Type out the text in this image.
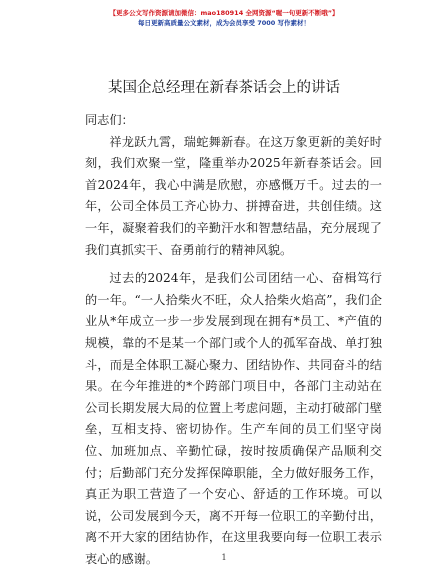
【更多公文写作资源请加微信：mao180914 全网资源“喔一句更新不断哦”】
每日更新高质量公文素材，成为会员享受 7000 写作素材！
某国企总经理在新春茶话会上的讲话

同志们：

祥龙跃九霄，瑞蛇舞新春。在这万象更新的美好时刻，我们欢聚一堂，隆重举办2025年新春茶话会。回首2024年，我心中满是欣慰，亦感慨万千。过去的一年，公司全体员工齐心协力、拼搏奋进，共创佳绩。这一年，凝聚着我们的辛勤汗水和智慧结晶，充分展现了我们真抓实干、奋勇前行的精神风貌。

过去的2024年，是我们公司团结一心、奋楫笃行的一年。“一人拾柴火不旺，众人拾柴火焰高”，我们企业从*年成立一步一步发展到现在拥有*员工、*产值的规模，靠的不是某一个部门或个人的孤军奋战、单打独斗，而是全体职工凝心聚力、团结协作、共同奋斗的结果。在今年推进的*个跨部门项目中，各部门主动站在公司长期发展大局的位置上考虑问题，主动打破部门壁垒，互相支持、密切协作。生产车间的员工们坚守岗位、加班加点、辛勤忙碌，按时按质确保产品顺利交付；后勤部门充分发挥保障职能，全力做好服务工作，真正为职工营造了一个安心、舒适的工作环境。可以说，公司发展到今天，离不开每一位职工的辛勤付出，离不开大家的团结协作，在这里我要向每一位职工表示衷心的感谢。	1
